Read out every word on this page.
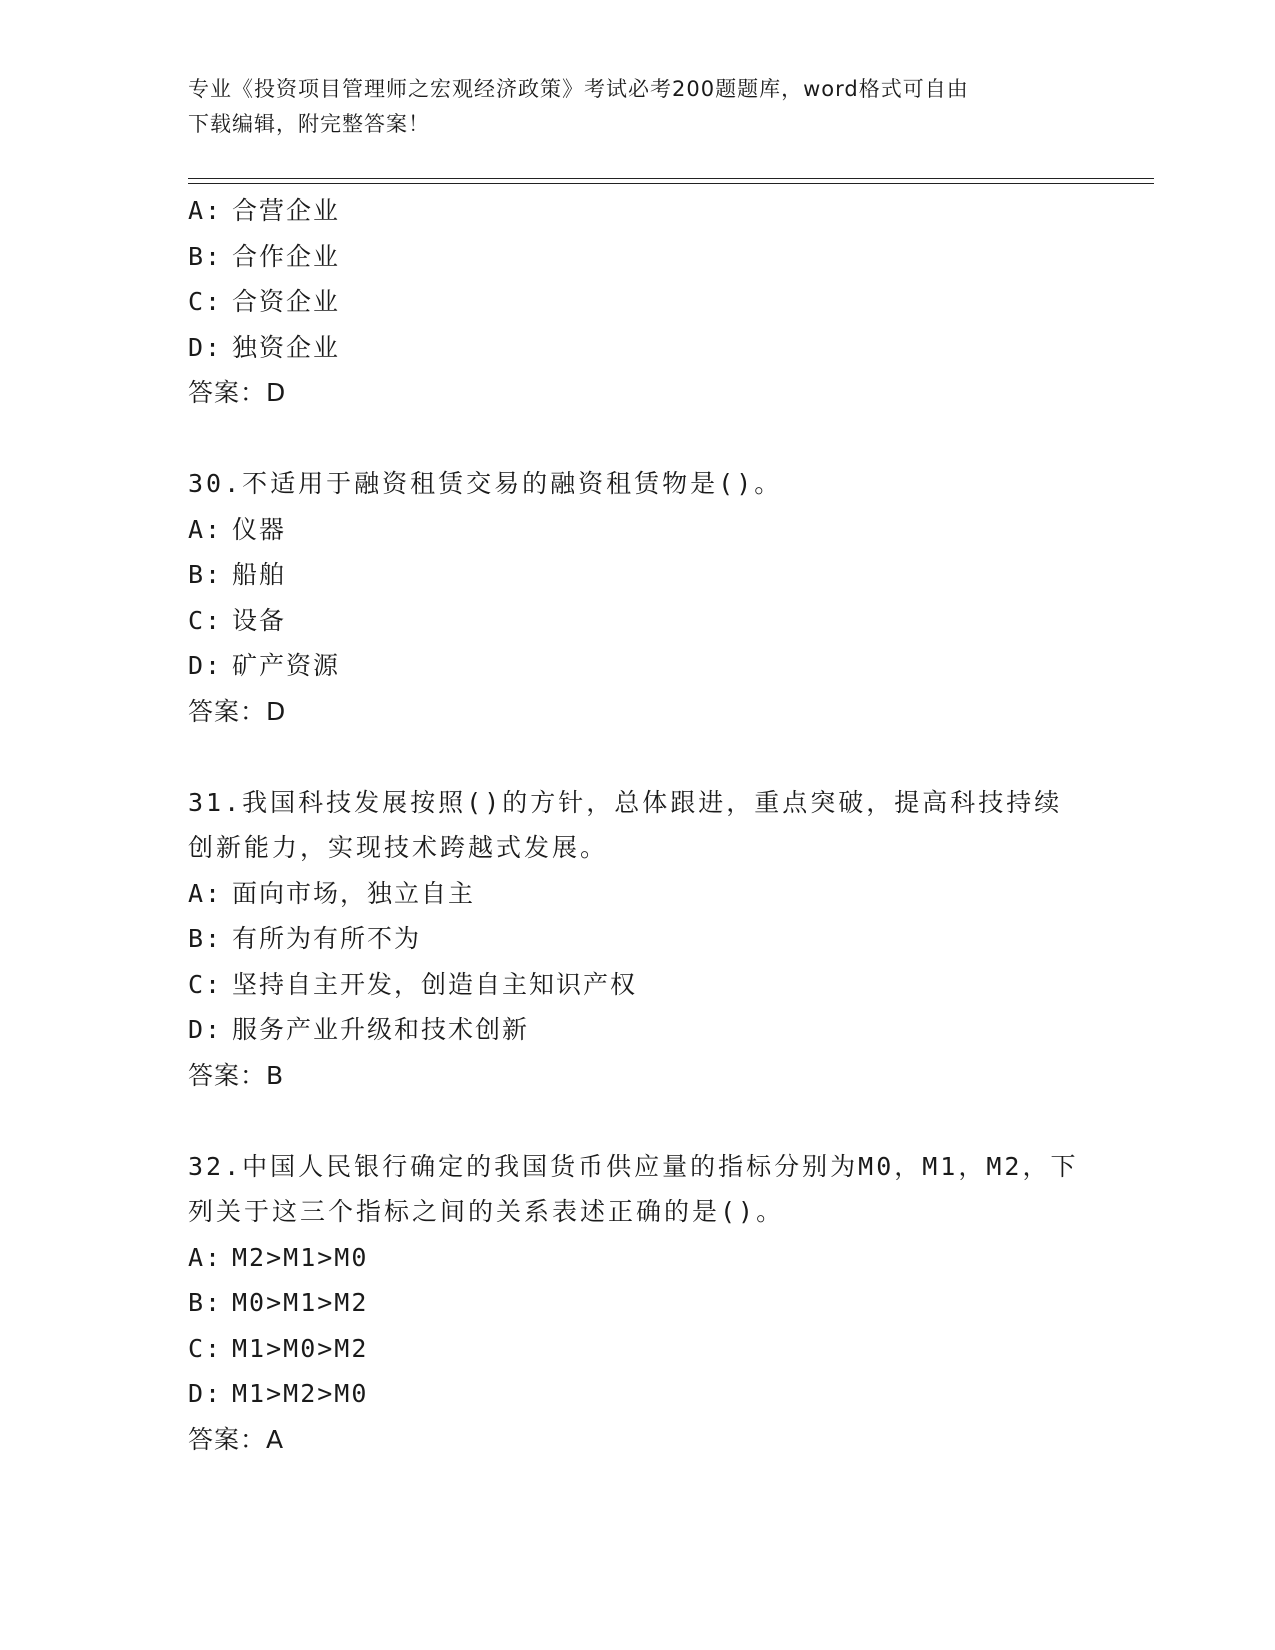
专业《投资项目管理师之宏观经济政策》考试必考200题题库，word格式可自由
下载编辑，附完整答案！
A: 合营企业
B: 合作企业
C: 合资企业
D: 独资企业
答案：D
30.不适用于融资租赁交易的融资租赁物是()。
A: 仪器
B: 船舶
C: 设备
D: 矿产资源
答案：D
31.我国科技发展按照()的方针，总体跟进，重点突破，提高科技持续
创新能力，实现技术跨越式发展。
A: 面向市场，独立自主
B: 有所为有所不为
C: 坚持自主开发，创造自主知识产权
D: 服务产业升级和技术创新
答案：B
32.中国人民银行确定的我国货币供应量的指标分别为M0，M1，M2，下
列关于这三个指标之间的关系表述正确的是()。
A: M2>M1>M0
B: M0>M1>M2
C: M1>M0>M2
D: M1>M2>M0
答案：A
